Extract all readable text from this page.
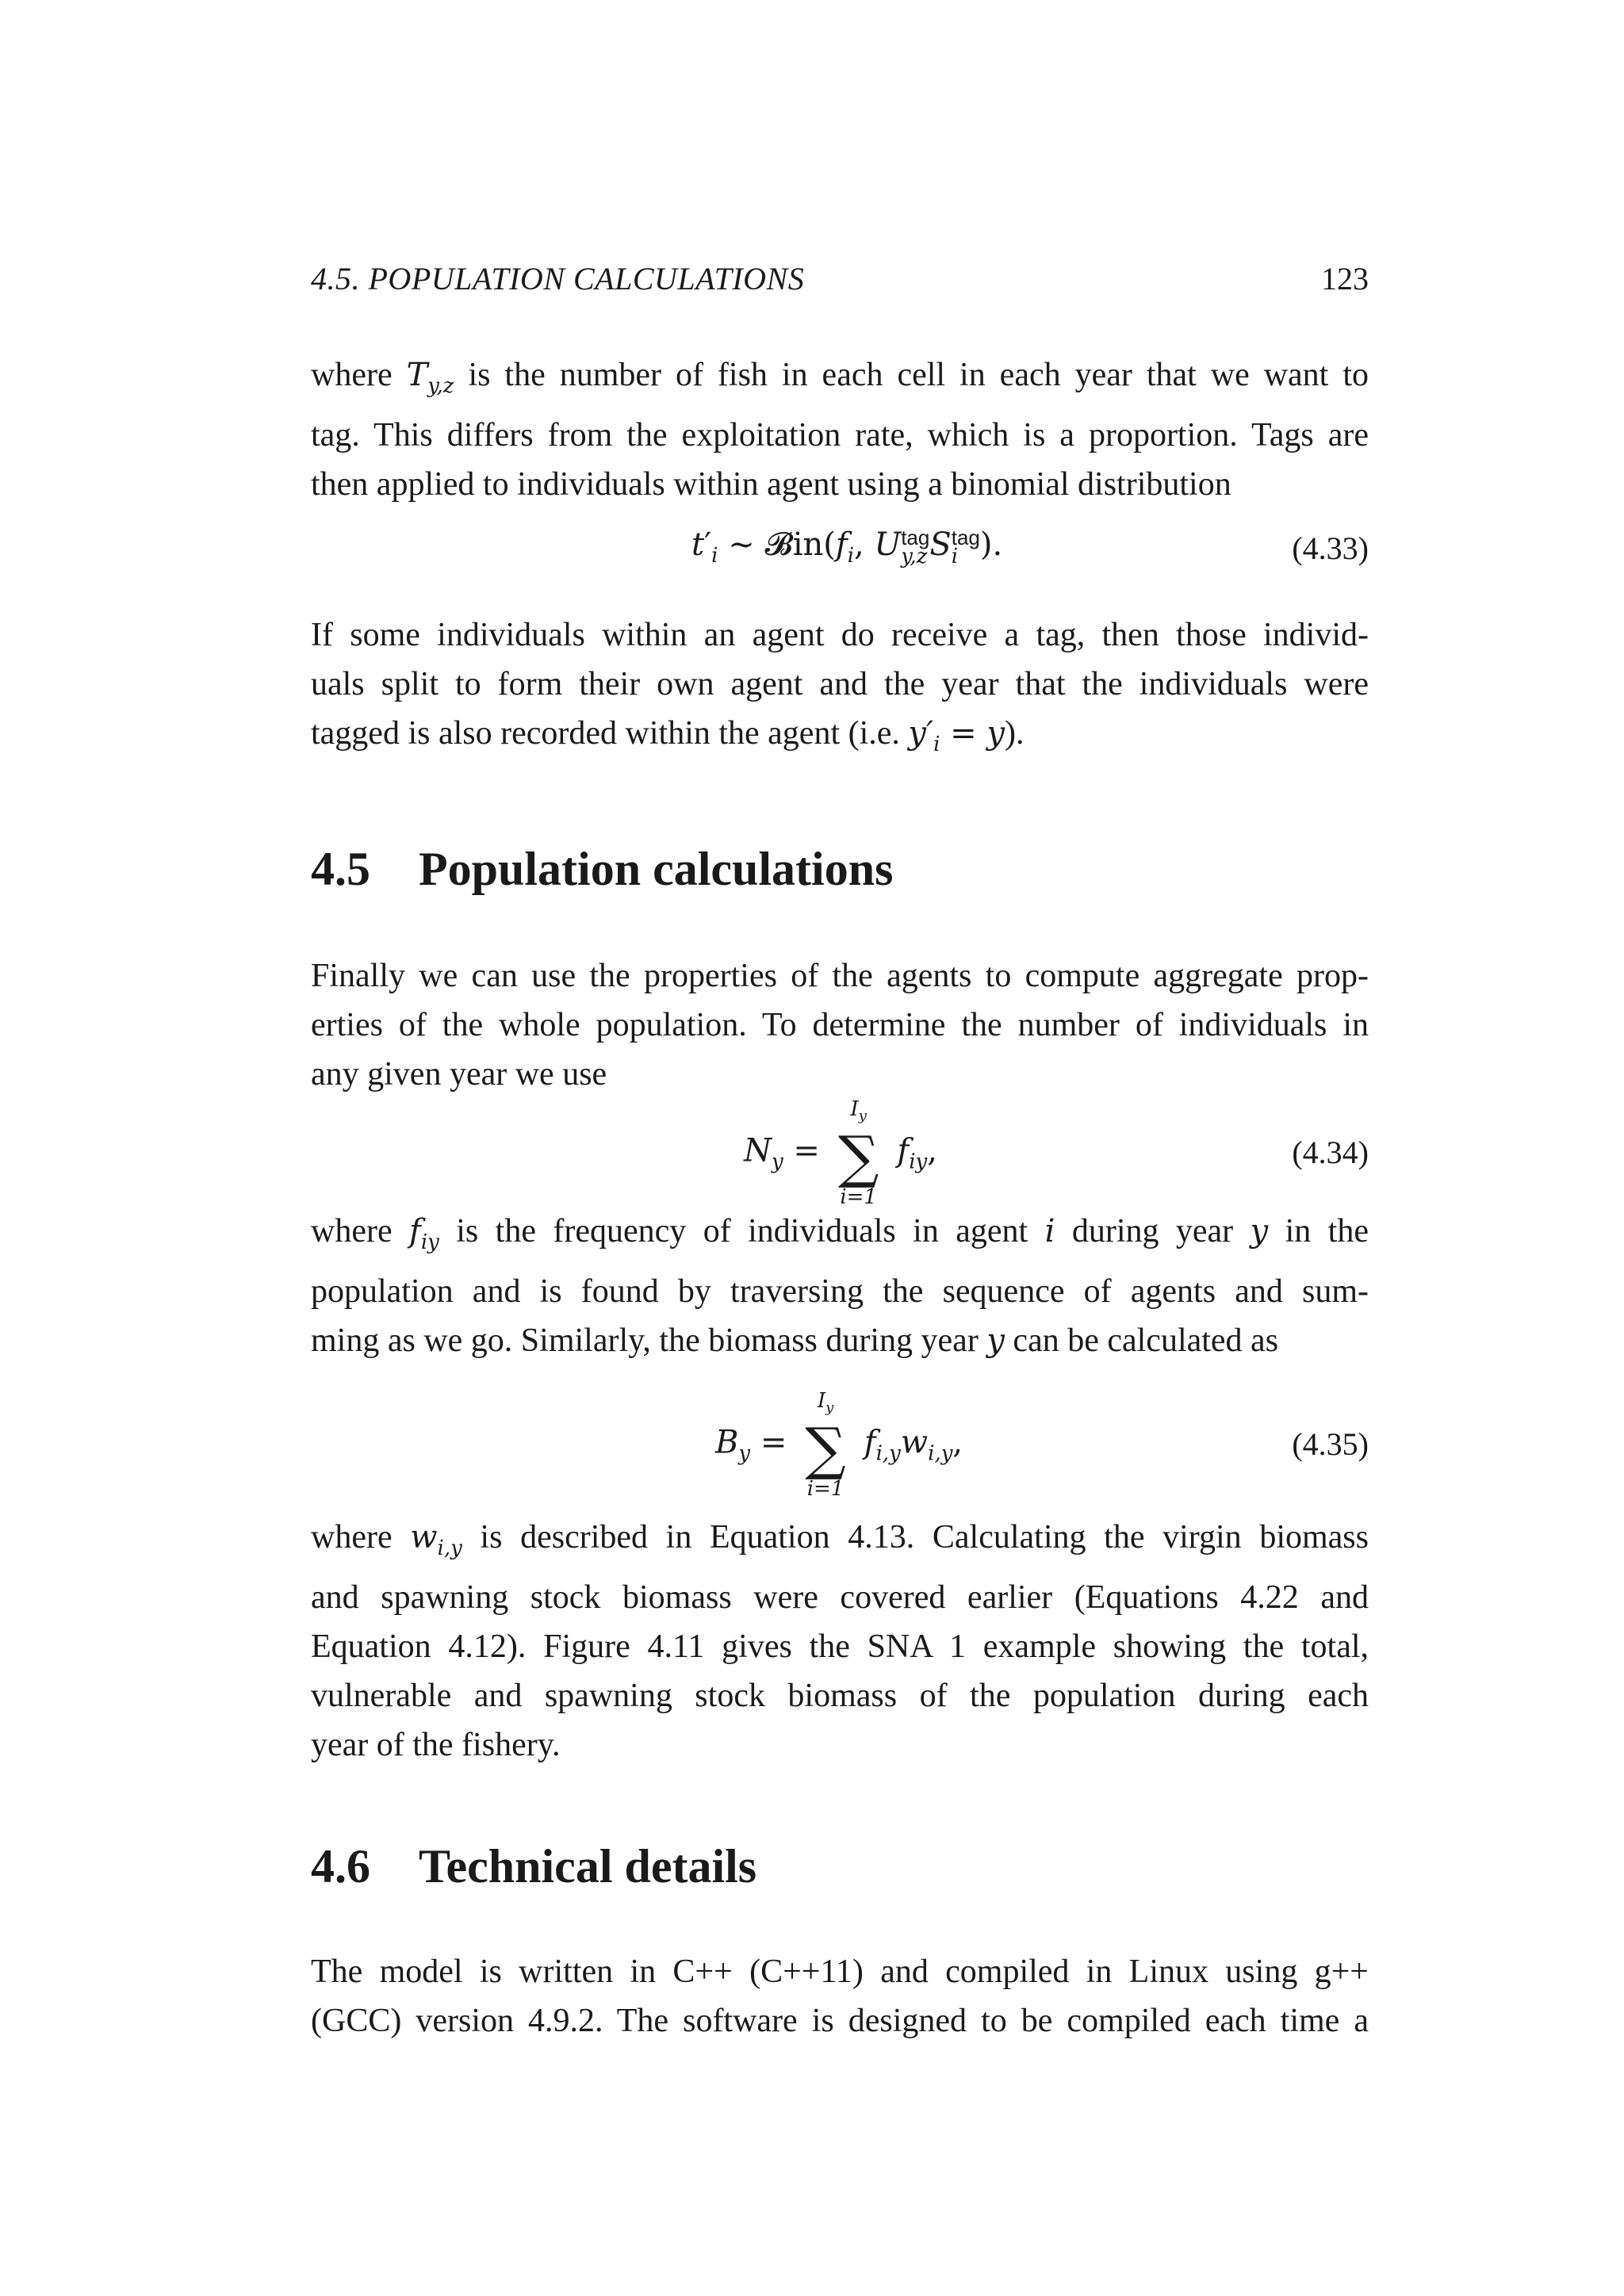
4.5. POPULATION CALCULATIONS	123
where $T_{y,z}$ is the number of fish in each cell in each year that we want to
tag. This differs from the exploitation rate, which is a proportion. Tags are
then applied to individuals within agent using a binomial distribution
$t'_i$ ∼ $𝓑in(f_i$, U tag
y,z S tag
i ).	(4.33)
If some individuals within an agent do receive a tag, then those individ-
uals split to form their own agent and the year that the individuals were
tagged is also recorded within the agent (i.e. $y'_i = y$).
4.5 Population calculations
Finally we can use the properties of the agents to compute aggregate prop-
erties of the whole population. To determine the number of individuals in
any given year we use
$N_y$ =
$I_y$
∑
i=1
$f_{iy}$,	(4.34)
where $f_{iy}$ is the frequency of individuals in agent i during year y in the
population and is found by traversing the sequence of agents and sum-
ming as we go. Similarly, the biomass during year y can be calculated as
$B_y$ =
$I_y$
∑
i=1
$f_{i,y}w_{i,y}$,	(4.35)
where $w_{i,y}$ is described in Equation 4.13. Calculating the virgin biomass
and spawning stock biomass were covered earlier (Equations 4.22 and
Equation 4.12). Figure 4.11 gives the SNA 1 example showing the total,
vulnerable and spawning stock biomass of the population during each
year of the fishery.
4.6 Technical details
The model is written in C++ (C++11) and compiled in Linux using g++
(GCC) version 4.9.2. The software is designed to be compiled each time a
